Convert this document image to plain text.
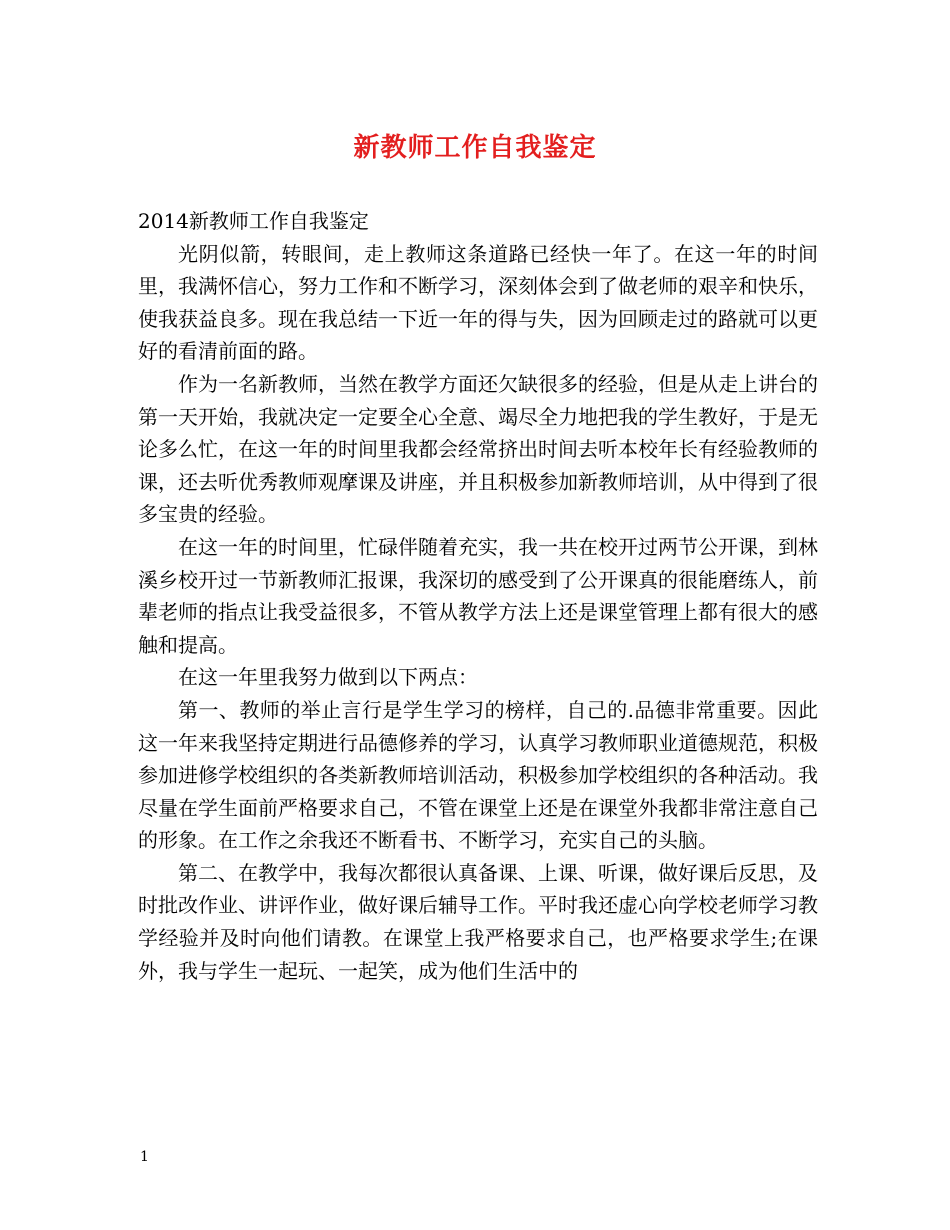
新教师工作自我鉴定

2014新教师工作自我鉴定

光阴似箭，转眼间，走上教师这条道路已经快一年了。在这一年的时间里，我满怀信心，努力工作和不断学习，深刻体会到了做老师的艰辛和快乐，使我获益良多。现在我总结一下近一年的得与失，因为回顾走过的路就可以更好的看清前面的路。

作为一名新教师，当然在教学方面还欠缺很多的经验，但是从走上讲台的第一天开始，我就决定一定要全心全意、竭尽全力地把我的学生教好，于是无论多么忙，在这一年的时间里我都会经常挤出时间去听本校年长有经验教师的课，还去听优秀教师观摩课及讲座，并且积极参加新教师培训，从中得到了很多宝贵的经验。

在这一年的时间里，忙碌伴随着充实，我一共在校开过两节公开课，到林溪乡校开过一节新教师汇报课，我深切的感受到了公开课真的很能磨练人，前辈老师的指点让我受益很多，不管从教学方法上还是课堂管理上都有很大的感触和提高。

在这一年里我努力做到以下两点：

第一、教师的举止言行是学生学习的榜样，自己的.品德非常重要。因此这一年来我坚持定期进行品德修养的学习，认真学习教师职业道德规范，积极参加进修学校组织的各类新教师培训活动，积极参加学校组织的各种活动。我尽量在学生面前严格要求自己，不管在课堂上还是在课堂外我都非常注意自己的形象。在工作之余我还不断看书、不断学习，充实自己的头脑。

第二、在教学中，我每次都很认真备课、上课、听课，做好课后反思，及时批改作业、讲评作业，做好课后辅导工作。平时我还虚心向学校老师学习教学经验并及时向他们请教。在课堂上我严格要求自己，也严格要求学生;在课外，我与学生一起玩、一起笑，成为他们生活中的

1
